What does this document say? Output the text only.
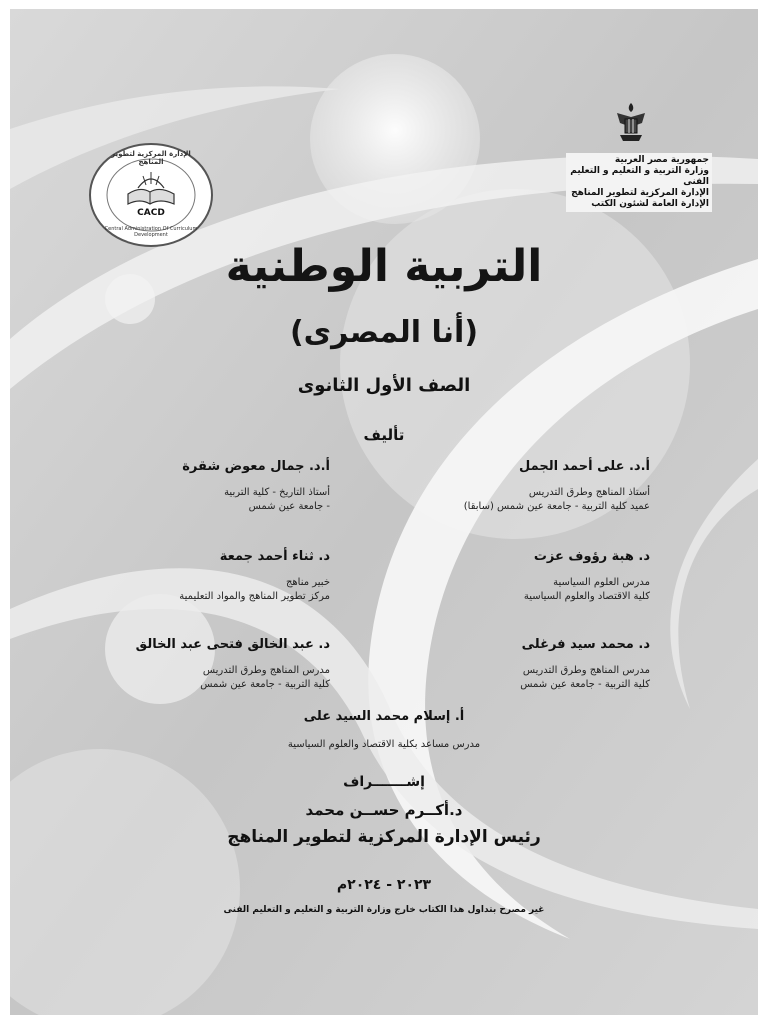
جمهورية مصر العربية
وزارة التربية و التعليم و التعليم الفنى
الإدارة المركزية لتطوير المناهج
الإدارة العامة لشئون الكتب
الإدارة المركزية لتطوير المناهج
CACD
Central Administration Of Curriculum Development
التربية الوطنية
(أنا المصرى)
الصف الأول الثانوى
تأليف
أ.د. على أحمد الجمل
أستاذ المناهج وطرق التدريس
عميد كلية التربية - جامعة عين شمس (سابقا)
د. هبة رؤوف عزت
مدرس العلوم السياسية
كلية الاقتصاد والعلوم السياسية
د. محمد سيد فرغلى
مدرس المناهج وطرق التدريس
كلية التربية - جامعة عين شمس
أ.د. جمال معوض شقرة
أستاذ التاريخ - كلية التربية
- جامعة عين شمس
د. ثناء أحمد جمعة
خبير مناهج
مركز تطوير المناهج والمواد التعليمية
د. عبد الخالق فتحى عبد الخالق
مدرس المناهج وطرق التدريس
كلية التربية - جامعة عين شمس
أ. إسلام محمد السيد على
مدرس مساعد بكلية الاقتصاد والعلوم السياسية
إشـــــــراف
د.أكــرم حســن محمد
رئيس الإدارة المركزية لتطوير المناهج
٢٠٢٣ - ٢٠٢٤م
غير مصرح بتداول هذا الكتاب خارج وزارة التربية و التعليم و التعليم الفنى
